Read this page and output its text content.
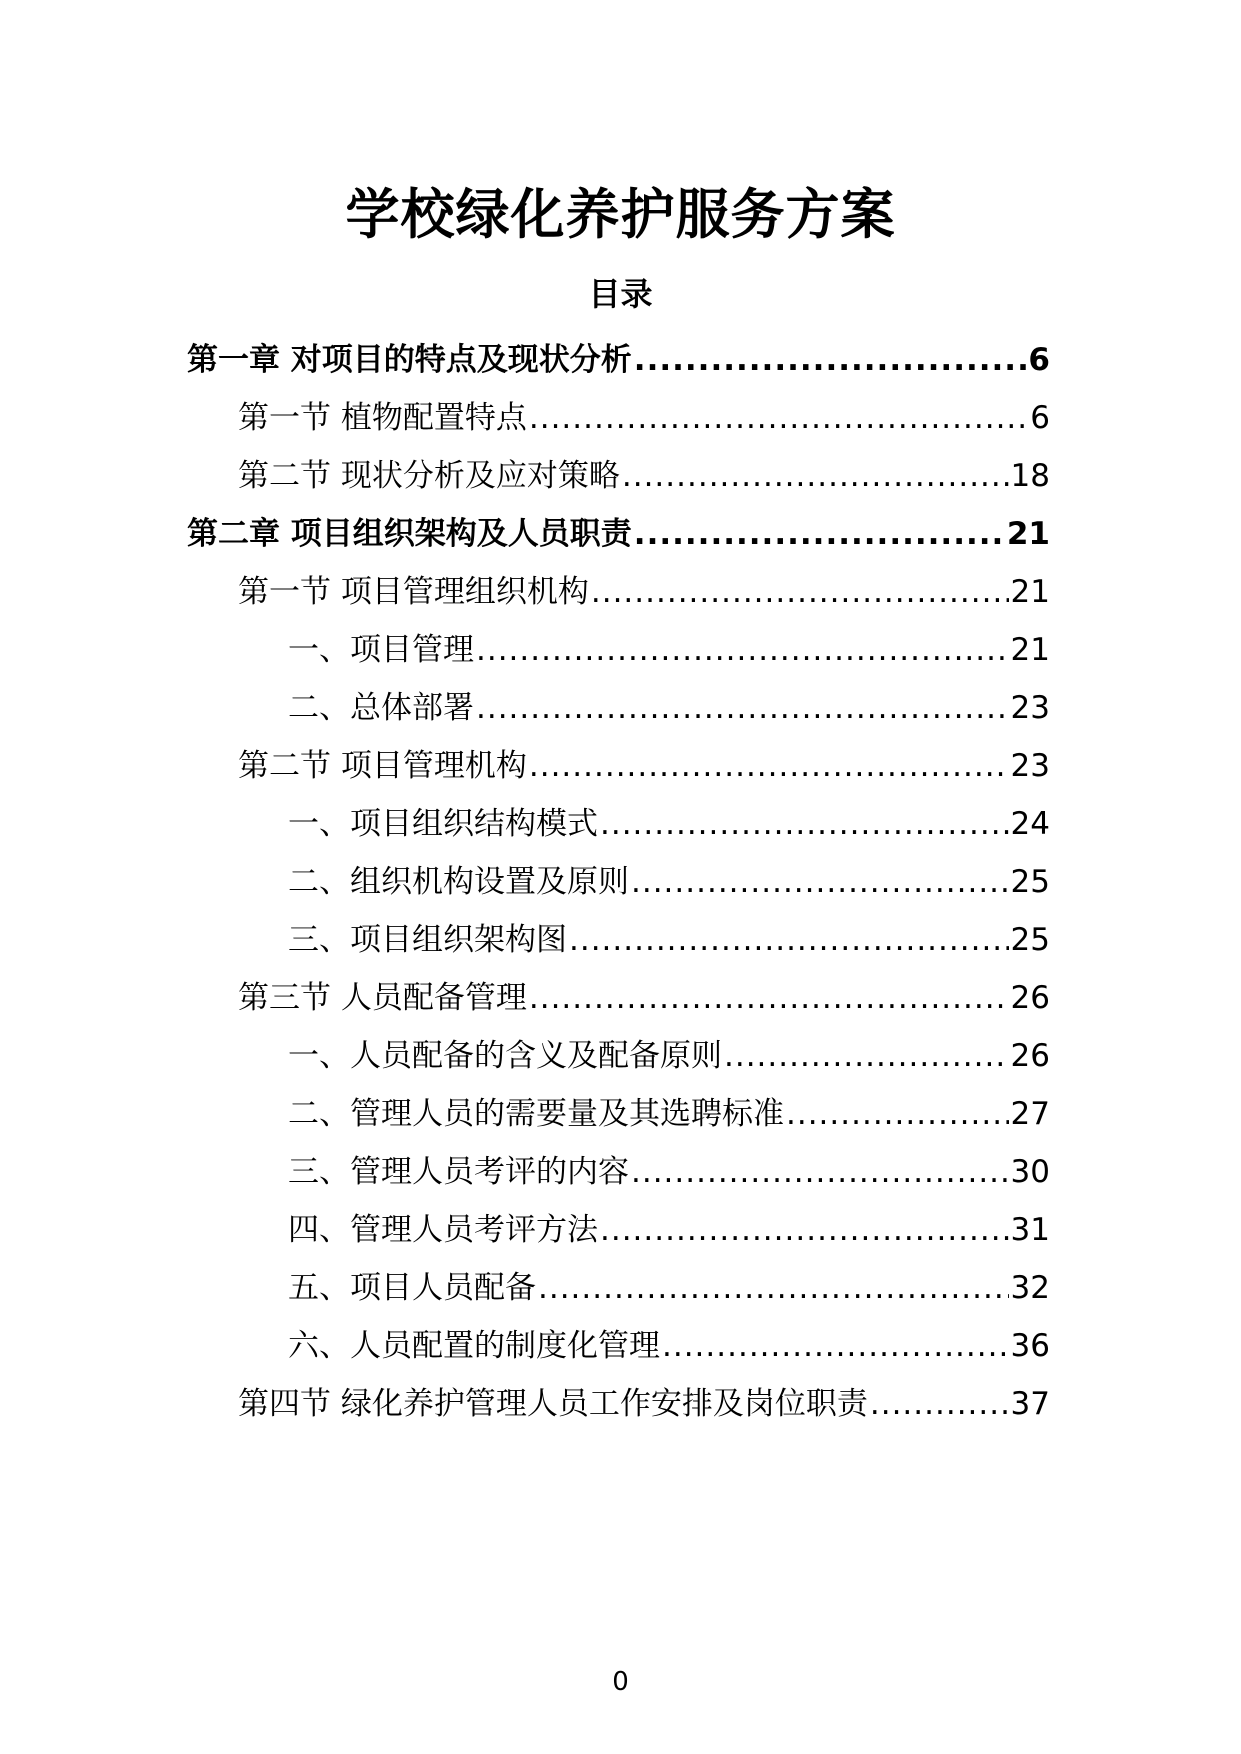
学校绿化养护服务方案
目录
第一章 对项目的特点及现状分析 .....	6
第一节 植物配置特点 .....	6
第二节 现状分析及应对策略 .....	18
第二章 项目组织架构及人员职责 .....	21
第一节 项目管理组织机构 .....	21
一、项目管理 .....	21
二、总体部署 .....	23
第二节 项目管理机构 .....	23
一、项目组织结构模式 .....	24
二、组织机构设置及原则 .....	25
三、项目组织架构图 .....	25
第三节 人员配备管理 .....	26
一、人员配备的含义及配备原则 .....	26
二、管理人员的需要量及其选聘标准 .....	27
三、管理人员考评的内容 .....	30
四、管理人员考评方法 .....	31
五、项目人员配备 .....	32
六、人员配置的制度化管理 .....	36
第四节 绿化养护管理人员工作安排及岗位职责 .....	37
0
